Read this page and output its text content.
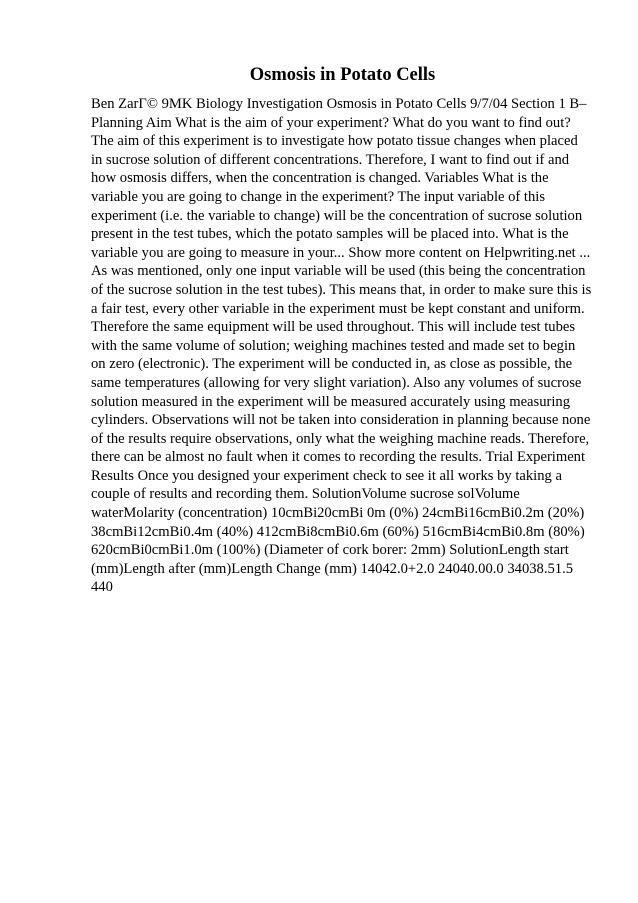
Osmosis in Potato Cells
Ben ZarГ© 9MK Biology Investigation Osmosis in Potato Cells 9/7/04 Section 1 B–
Planning Aim What is the aim of your experiment? What do you want to find out?
The aim of this experiment is to investigate how potato tissue changes when placed
in sucrose solution of different concentrations. Therefore, I want to find out if and
how osmosis differs, when the concentration is changed. Variables What is the
variable you are going to change in the experiment? The input variable of this
experiment (i.e. the variable to change) will be the concentration of sucrose solution
present in the test tubes, which the potato samples will be placed into. What is the
variable you are going to measure in your... Show more content on Helpwriting.net ...
As was mentioned, only one input variable will be used (this being the concentration
of the sucrose solution in the test tubes). This means that, in order to make sure this is
a fair test, every other variable in the experiment must be kept constant and uniform.
Therefore the same equipment will be used throughout. This will include test tubes
with the same volume of solution; weighing machines tested and made set to begin
on zero (electronic). The experiment will be conducted in, as close as possible, the
same temperatures (allowing for very slight variation). Also any volumes of sucrose
solution measured in the experiment will be measured accurately using measuring
cylinders. Observations will not be taken into consideration in planning because none
of the results require observations, only what the weighing machine reads. Therefore,
there can be almost no fault when it comes to recording the results. Trial Experiment
Results Once you designed your experiment check to see it all works by taking a
couple of results and recording them. SolutionVolume sucrose solVolume
waterMolarity (concentration) 10cmBi20cmBi 0m (0%) 24cmBi16cmBi0.2m (20%)
38cmBi12cmBi0.4m (40%) 412cmBi8cmBi0.6m (60%) 516cmBi4cmBi0.8m (80%)
620cmBi0cmBi1.0m (100%) (Diameter of cork borer: 2mm) SolutionLength start
(mm)Length after (mm)Length Change (mm) 14042.0+2.0 24040.00.0 34038.51.5
440
